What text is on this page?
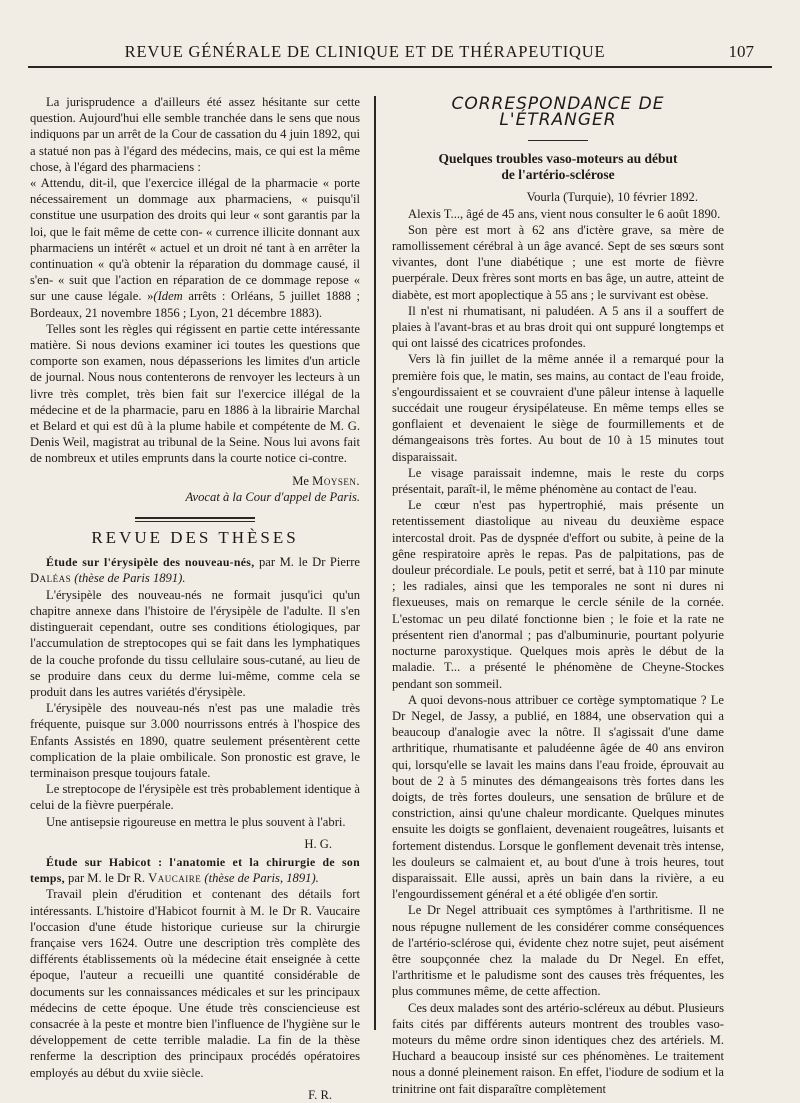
REVUE GÉNÉRALE DE CLINIQUE ET DE THÉRAPEUTIQUE	107

La jurisprudence a d'ailleurs été assez hésitante sur cette question. Aujourd'hui elle semble tranchée dans le sens que nous indiquons par un arrêt de la Cour de cassation du 4 juin 1892, qui a statué non pas à l'égard des médecins, mais, ce qui est la même chose, à l'égard des pharmaciens :

« Attendu, dit-il, que l'exercice illégal de la pharmacie « porte nécessairement un dommage aux pharmaciens, « puisqu'il constitue une usurpation des droits qui leur « sont garantis par la loi, que le fait même de cette con- « currence illicite donnant aux pharmaciens un intérêt « actuel et un droit né tant à en arrêter la continuation « qu'à obtenir la réparation du dommage causé, il s'en- « suit que l'action en réparation de ce dommage repose « sur une cause légale. »(Idem arrêts : Orléans, 5 juillet 1888 ; Bordeaux, 21 novembre 1856 ; Lyon, 21 décembre 1883).

Telles sont les règles qui régissent en partie cette intéressante matière. Si nous devions examiner ici toutes les questions que comporte son examen, nous dépasserions les limites d'un article de journal. Nous nous contenterons de renvoyer les lecteurs à un livre très complet, très bien fait sur l'exercice illégal de la médecine et de la pharmacie, paru en 1886 à la librairie Marchal et Belard et qui est dû à la plume habile et compétente de M. G. Denis Weil, magistrat au tribunal de la Seine. Nous lui avons fait de nombreux et utiles emprunts dans la courte notice ci-contre.

Me Moysen.

Avocat à la Cour d'appel de Paris.

REVUE DES THÈSES

Étude sur l'érysipèle des nouveau-nés, par M. le Dr Pierre Daléas (thèse de Paris 1891).

L'érysipèle des nouveau-nés ne formait jusqu'ici qu'un chapitre annexe dans l'histoire de l'érysipèle de l'adulte. Il s'en distinguerait cependant, outre ses conditions étiologiques, par l'accumulation de streptocopes qui se fait dans les lymphatiques de la couche profonde du tissu cellulaire sous-cutané, au lieu de se produire dans ceux du derme lui-même, comme cela se produit dans les autres variétés d'érysipèle.

L'érysipèle des nouveau-nés n'est pas une maladie très fréquente, puisque sur 3.000 nourrissons entrés à l'hospice des Enfants Assistés en 1890, quatre seulement présentèrent cette complication de la plaie ombilicale. Son pronostic est grave, le terminaison presque toujours fatale.

Le streptocope de l'érysipèle est très probablement identique à celui de la fièvre puerpérale.

Une antisepsie rigoureuse en mettra le plus souvent à l'abri.

H. G.

Étude sur Habicot : l'anatomie et la chirurgie de son temps, par M. le Dr R. Vaucaire (thèse de Paris, 1891).

Travail plein d'érudition et contenant des détails fort intéressants. L'histoire d'Habicot fournit à M. le Dr R. Vaucaire l'occasion d'une étude historique curieuse sur la chirurgie française vers 1624. Outre une description très complète des différents établissements où la médecine était enseignée à cette époque, l'auteur a recueilli une quantité considérable de documents sur les connaissances médicales et sur les principaux médecins de cette époque. Une étude très consciencieuse est consacrée à la peste et montre bien l'influence de l'hygiène sur le développement de cette terrible maladie. La fin de la thèse renferme la description des principaux procédés opératoires employés au début du xviie siècle.

F. R.

CORRESPONDANCE DE L'ÉTRANGER
Quelques troubles vaso-moteurs au début
de l'artério-sclérose

Vourla (Turquie), 10 février 1892.

Alexis T..., âgé de 45 ans, vient nous consulter le 6 août 1890.

Son père est mort à 62 ans d'ictère grave, sa mère de ramollissement cérébral à un âge avancé. Sept de ses sœurs sont vivantes, dont l'une diabétique ; une est morte de fièvre puerpérale. Deux frères sont morts en bas âge, un autre, atteint de diabète, est mort apoplectique à 55 ans ; le survivant est obèse.

Il n'est ni rhumatisant, ni paludéen. A 5 ans il a souffert de plaies à l'avant-bras et au bras droit qui ont suppuré longtemps et qui ont laissé des cicatrices profondes.

Vers là fin juillet de la même année il a remarqué pour la première fois que, le matin, ses mains, au contact de l'eau froide, s'engourdissaient et se couvraient d'une pâleur intense à laquelle succédait une rougeur érysipélateuse. En même temps elles se gonflaient et devenaient le siège de fourmillements et de démangeaisons très fortes. Au bout de 10 à 15 minutes tout disparaissait.

Le visage paraissait indemne, mais le reste du corps présentait, paraît-il, le même phénomène au contact de l'eau.

Le cœur n'est pas hypertrophié, mais présente un retentissement diastolique au niveau du deuxième espace intercostal droit. Pas de dyspnée d'effort ou subite, à peine de la gêne respiratoire après le repas. Pas de palpitations, pas de douleur précordiale. Le pouls, petit et serré, bat à 110 par minute ; les radiales, ainsi que les temporales ne sont ni dures ni flexueuses, mais on remarque le cercle sénile de la cornée. L'estomac un peu dilaté fonctionne bien ; le foie et la rate ne présentent rien d'anormal ; pas d'albuminurie, pourtant polyurie nocturne paroxystique. Quelques mois après le début de la maladie. T... a présenté le phénomène de Cheyne-Stockes pendant son sommeil.

A quoi devons-nous attribuer ce cortège symptomatique ? Le Dr Negel, de Jassy, a publié, en 1884, une observation qui a beaucoup d'analogie avec la nôtre. Il s'agissait d'une dame arthritique, rhumatisante et paludéenne âgée de 40 ans environ qui, lorsqu'elle se lavait les mains dans l'eau froide, éprouvait au bout de 2 à 5 minutes des démangeaisons très fortes dans les doigts, de très fortes douleurs, une sensation de brûlure et de constriction, ainsi qu'une chaleur mordicante. Quelques minutes ensuite les doigts se gonflaient, devenaient rougeâtres, luisants et fortement distendus. Lorsque le gonflement devenait très intense, les douleurs se calmaient et, au bout d'une à trois heures, tout disparaissait. Elle aussi, après un bain dans la rivière, a eu l'engourdissement général et a été obligée d'en sortir.

Le Dr Negel attribuait ces symptômes à l'arthritisme. Il ne nous répugne nullement de les considérer comme conséquences de l'artério-sclérose qui, évidente chez notre sujet, peut aisément être soupçonnée chez la malade du Dr Negel. En effet, l'arthritisme et le paludisme sont des causes très fréquentes, les plus communes même, de cette affection.

Ces deux malades sont des artério-scléreux au début. Plusieurs faits cités par différents auteurs montrent des troubles vaso-moteurs du même ordre sinon identiques chez des artériels. M. Huchard a beaucoup insisté sur ces phénomènes. Le traitement nous a donné pleinement raison. En effet, l'iodure de sodium et la trinitrine ont fait disparaître complètement
